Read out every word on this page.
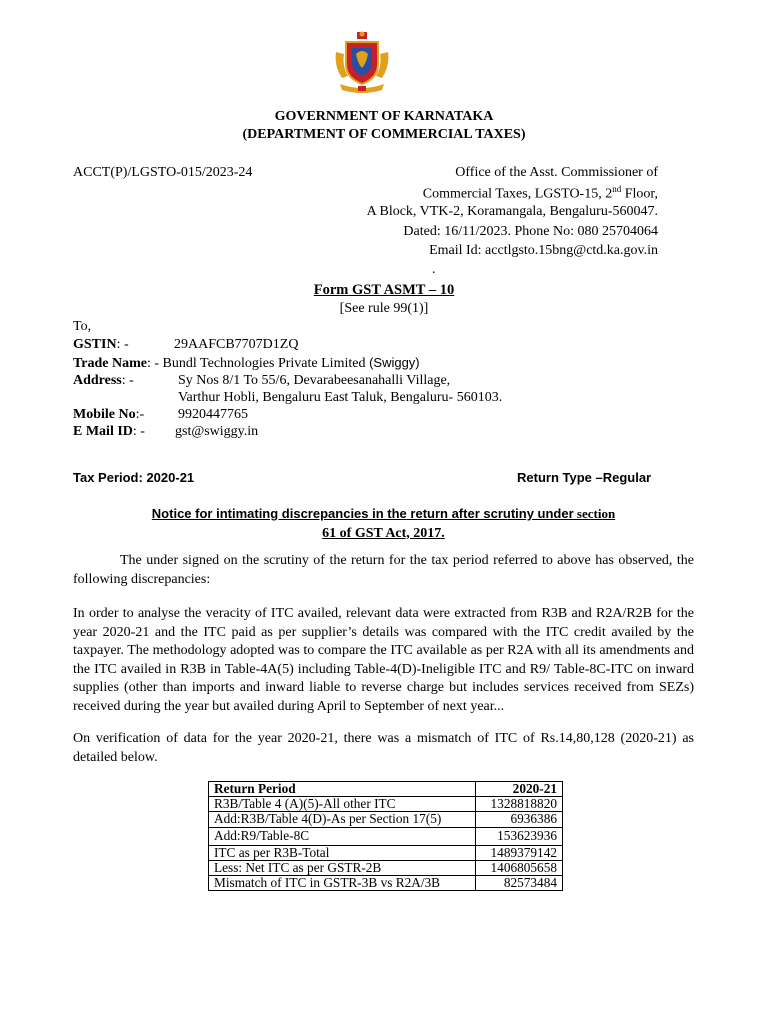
GOVERNMENT OF KARNATAKA
(DEPARTMENT OF COMMERCIAL TAXES)
ACCT(P)/LGSTO-015/2023-24	Office of the Asst. Commissioner of
Commercial Taxes, LGSTO-15, 2nd Floor,
A Block, VTK-2, Koramangala, Bengaluru-560047.
Dated: 16/11/2023. Phone No: 080 25704064
Email Id: acctlgsto.15bng@ctd.ka.gov.in
.
Form GST ASMT – 10
[See rule 99(1)]
To,
GSTIN: -	29AAFCB7707D1ZQ
Trade Name: - Bundl Technologies Private Limited (Swiggy)
Address: -	Sy Nos 8/1 To 55/6, Devarabeesanahalli Village,
Varthur Hobli, Bengaluru East Taluk, Bengaluru- 560103.
Mobile No:- 9920447765
E Mail ID: - gst@swiggy.in
Tax Period: 2020-21	Return Type –Regular
Notice for intimating discrepancies in the return after scrutiny under section
61 of GST Act, 2017.
The under signed on the scrutiny of the return for the tax period referred to above has observed, the following discrepancies:
In order to analyse the veracity of ITC availed, relevant data were extracted from R3B and R2A/R2B for the year 2020-21 and the ITC paid as per supplier’s details was compared with the ITC credit availed by the taxpayer. The methodology adopted was to compare the ITC available as per R2A with all its amendments and the ITC availed in R3B in Table-4A(5) including Table-4(D)-Ineligible ITC and R9/ Table-8C-ITC on inward supplies (other than imports and inward liable to reverse charge but includes services received from SEZs) received during the year but availed during April to September of next year...
On verification of data for the year 2020-21, there was a mismatch of ITC of Rs.14,80,128 (2020-21) as detailed below.
Return Period	2020-21
R3B/Table 4 (A)(5)-All other ITC	1328818820
Add:R3B/Table 4(D)-As per Section 17(5)	6936386
Add:R9/Table-8C	153623936
ITC as per R3B-Total	1489379142
Less: Net ITC as per GSTR-2B	1406805658
Mismatch of ITC in GSTR-3B vs R2A/3B	82573484
